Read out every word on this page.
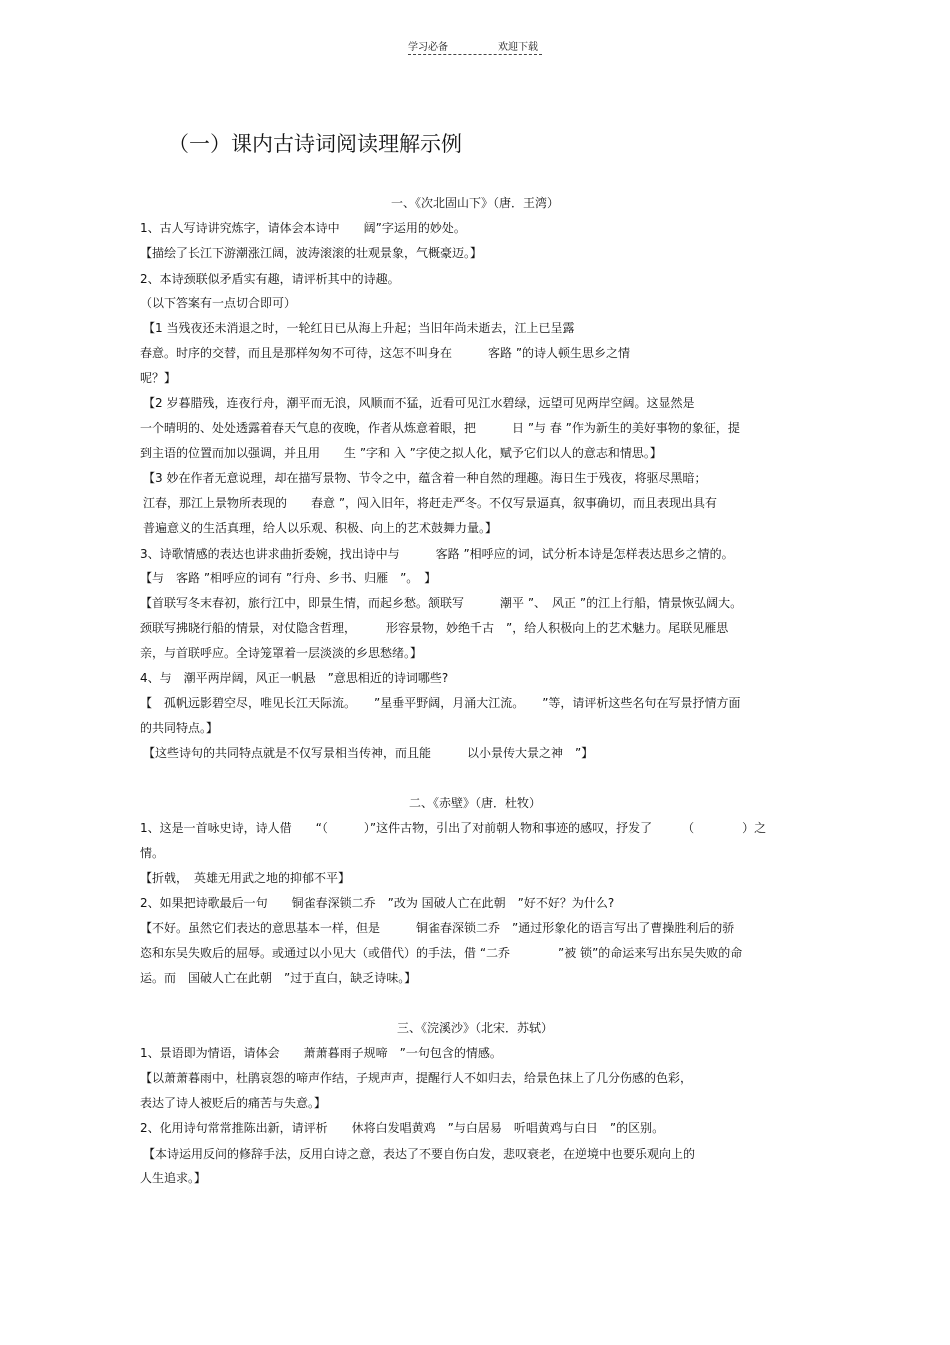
学习必备	欢迎下载
（一）课内古诗词阅读理解示例
一、《次北固山下》（唐．王湾）
1、古人写诗讲究炼字，请体会本诗中　　阔”字运用的妙处。
【描绘了长江下游潮涨江阔，波涛滚滚的壮观景象，气概豪迈。】
2、本诗颈联似矛盾实有趣，请评析其中的诗趣。
（以下答案有一点切合即可）
【1 当残夜还未消退之时，一轮红日已从海上升起；当旧年尚未逝去，江上已呈露
春意。时序的交替，而且是那样匆匆不可待，这怎不叫身在　　　客路 ”的诗人顿生思乡之情
呢？】
【2 岁暮腊残，连夜行舟，潮平而无浪，风顺而不猛，近看可见江水碧绿，远望可见两岸空阔。这显然是
一个晴明的、处处透露着春天气息的夜晚，作者从炼意着眼，把　　　日 ”与 春 ”作为新生的美好事物的象征，提
到主语的位置而加以强调，并且用　　生 ”字和 入 ”字使之拟人化，赋予它们以人的意志和情思。】
【3 妙在作者无意说理，却在描写景物、节令之中，蕴含着一种自然的理趣。海日生于残夜，将驱尽黑暗；
江春，那江上景物所表现的　　春意 ”，闯入旧年，将赶走严冬。不仅写景逼真，叙事确切，而且表现出具有
普遍意义的生活真理，给人以乐观、积极、向上的艺术鼓舞力量。】
3、诗歌情感的表达也讲求曲折委婉，找出诗中与　　　客路 ”相呼应的词，试分析本诗是怎样表达思乡之情的。
【与　客路 ”相呼应的词有 ”行舟、乡书、归雁　”。　】
【首联写冬末春初，旅行江中，即景生情，而起乡愁。颔联写　　　潮平 ”、　风正 ”的江上行船，情景恢弘阔大。
颈联写拂晓行船的情景，对仗隐含哲理，　　　形容景物，妙绝千古　”，给人积极向上的艺术魅力。尾联见雁思
亲，与首联呼应。全诗笼罩着一层淡淡的乡思愁绪。】
4、与　潮平两岸阔，风正一帆悬　”意思相近的诗词哪些?
【　孤帆远影碧空尽，唯见长江天际流。　　”星垂平野阔，月涌大江流。　　”等，请评析这些名句在写景抒情方面
的共同特点。】
【这些诗句的共同特点就是不仅写景相当传神，而且能　　　以小景传大景之神　”】
二、《赤壁》（唐．杜牧）
1、这是一首咏史诗，诗人借　　“（　　　）”这件古物，引出了对前朝人物和事迹的感叹，抒发了　　　（　　　　）之
情。
【折戟，　英雄无用武之地的抑郁不平】
2、如果把诗歌最后一句　　铜雀春深锁二乔　”改为 国破人亡在此朝　”好不好？为什么?
【不好。虽然它们表达的意思基本一样，但是　　　铜雀春深锁二乔　”通过形象化的语言写出了曹操胜利后的骄
恣和东吴失败后的屈辱。或通过以小见大（或借代）的手法，借 “二乔　　　　”被 锁”的命运来写出东吴失败的命
运。而　国破人亡在此朝　”过于直白，缺乏诗味。】
三、《浣溪沙》（北宋．苏轼）
1、景语即为情语，请体会　　萧萧暮雨子规啼　”一句包含的情感。
【以萧萧暮雨中，杜鹃哀怨的啼声作结，子规声声，提醒行人不如归去，给景色抹上了几分伤感的色彩，
表达了诗人被贬后的痛苦与失意。】
2、化用诗句常常推陈出新，请评析　　休将白发唱黄鸡　”与白居易　听唱黄鸡与白日　”的区别。
【本诗运用反问的修辞手法，反用白诗之意，表达了不要自伤白发，悲叹衰老，在逆境中也要乐观向上的
人生追求。】
